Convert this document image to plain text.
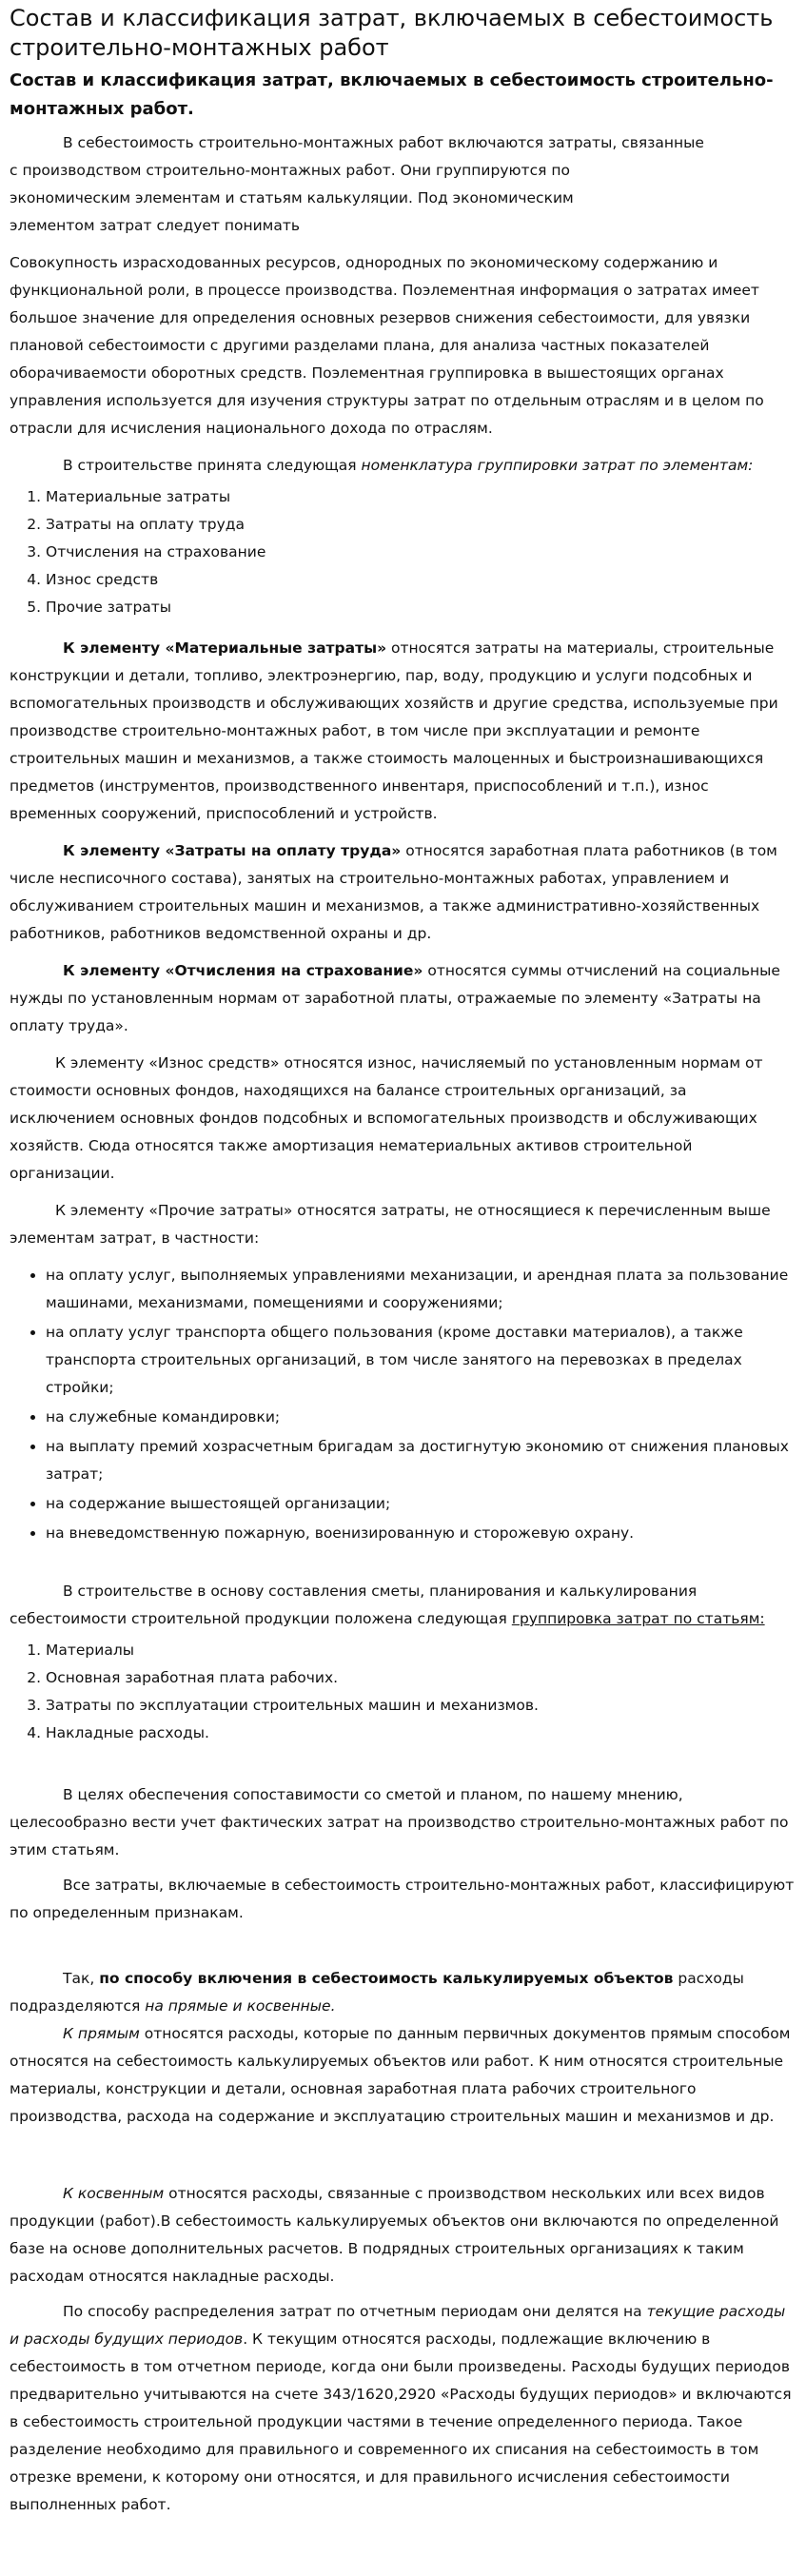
Состав и классификация затрат, включаемых в себестоимость строительно-монтажных работ
Состав и классификация затрат, включаемых в себестоимость строительно-монтажных работ.

В себестоимость строительно-монтажных работ включаются затраты, связанные
с производством строительно-монтажных работ. Они группируются по
экономическим элементам и статьям калькуляции. Под экономическим
элементом затрат следует понимать

Совокупность израсходованных ресурсов, однородных по экономическому содержанию и функциональной роли, в процессе производства. Поэлементная информация о затратах имеет большое значение для определения основных резервов снижения себестоимости, для увязки плановой себестоимости с другими разделами плана, для анализа частных показателей оборачиваемости оборотных средств. Поэлементная группировка в вышестоящих органах управления используется для изучения структуры затрат по отдельным отраслям и в целом по отрасли для исчисления национального дохода по отраслям.

В строительстве принята следующая номенклатура группировки затрат по элементам:

1. Материальные затраты
2. Затраты на оплату труда
3. Отчисления на страхование
4. Износ средств
5. Прочие затраты

К элементу «Материальные затраты» относятся затраты на материалы, строительные конструкции и детали, топливо, электроэнергию, пар, воду, продукцию и услуги подсобных и вспомогательных производств и обслуживающих хозяйств и другие средства, используемые при производстве строительно-монтажных работ, в том числе при эксплуатации и ремонте строительных машин и механизмов, а также стоимость малоценных и быстроизнашивающихся предметов (инструментов, производственного инвентаря, приспособлений и т.п.), износ временных сооружений, приспособлений и устройств.

К элементу «Затраты на оплату труда» относятся заработная плата работников (в том числе несписочного состава), занятых на строительно-монтажных работах, управлением и обслуживанием строительных машин и механизмов, а также административно-хозяйственных работников, работников ведомственной охраны и др.

К элементу «Отчисления на страхование» относятся суммы отчислений на социальные нужды по установленным нормам от заработной платы, отражаемые по элементу «Затраты на оплату труда».

К элементу «Износ средств» относятся износ, начисляемый по установленным нормам от стоимости основных фондов, находящихся на балансе строительных организаций, за исключением основных фондов подсобных и вспомогательных производств и обслуживающих хозяйств. Сюда относятся также амортизация нематериальных активов строительной организации.

К элементу «Прочие затраты» относятся затраты, не относящиеся к перечисленным выше элементам затрат, в частности:

• на оплату услуг, выполняемых управлениями механизации, и арендная плата за пользование машинами, механизмами, помещениями и сооружениями;
• на оплату услуг транспорта общего пользования (кроме доставки материалов), а также транспорта строительных организаций, в том числе занятого на перевозках в пределах стройки;
• на служебные командировки;
• на выплату премий хозрасчетным бригадам за достигнутую экономию от снижения плановых затрат;
• на содержание вышестоящей организации;
• на вневедомственную пожарную, военизированную и сторожевую охрану.

В строительстве в основу составления сметы, планирования и калькулирования себестоимости строительной продукции положена следующая группировка затрат по статьям:

1. Материалы
2. Основная заработная плата рабочих.
3. Затраты по эксплуатации строительных машин и механизмов.
4. Накладные расходы.

В целях обеспечения сопоставимости со сметой и планом, по нашему мнению, целесообразно вести учет фактических затрат на производство строительно-монтажных работ по этим статьям.

Все затраты, включаемые в себестоимость строительно-монтажных работ, классифицируют по определенным признакам.

Так, по способу включения в себестоимость калькулируемых объектов расходы подразделяются на прямые и косвенные.

К прямым относятся расходы, которые по данным первичных документов прямым способом относятся на себестоимость калькулируемых объектов или работ. К ним относятся строительные материалы, конструкции и детали, основная заработная плата рабочих строительного производства, расхода на содержание и эксплуатацию строительных машин и механизмов и др.

К косвенным относятся расходы, связанные с производством нескольких или всех видов продукции (работ).В себестоимость калькулируемых объектов они включаются по определенной базе на основе дополнительных расчетов. В подрядных строительных организациях к таким расходам относятся накладные расходы.

По способу распределения затрат по отчетным периодам они делятся на текущие расходы и расходы будущих периодов. К текущим относятся расходы, подлежащие включению в себестоимость в том отчетном периоде, когда они были произведены. Расходы будущих периодов предварительно учитываются на счете 343/1620,2920 «Расходы будущих периодов» и включаются в себестоимость строительной продукции частями в течение определенного периода. Такое разделение необходимо для правильного и современного их списания на себестоимость в том отрезке времени, к которому они относятся, и для правильного исчисления себестоимости выполненных работ.
